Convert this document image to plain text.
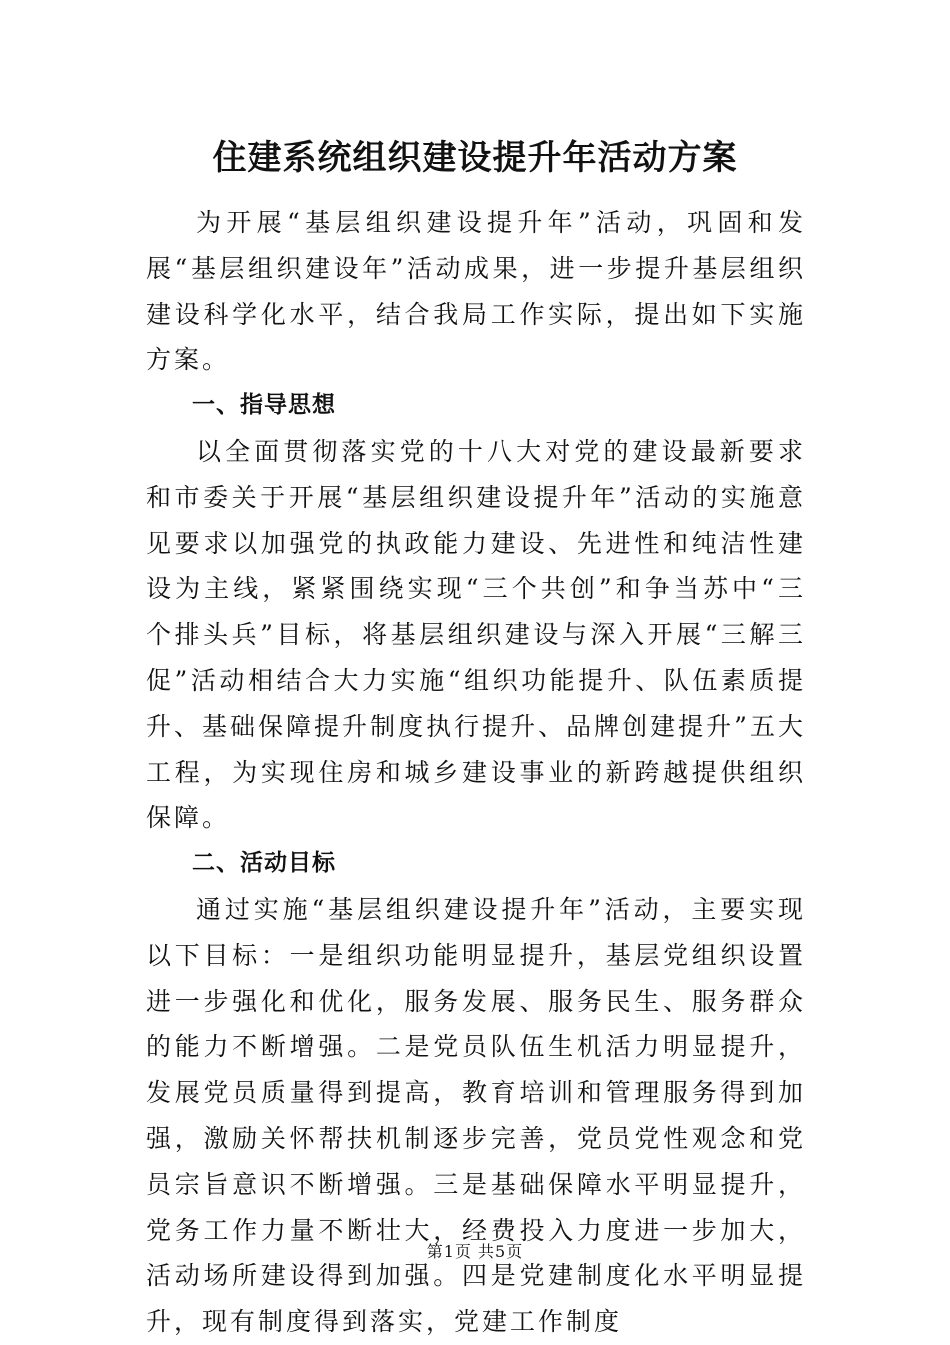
住建系统组织建设提升年活动方案

为开展“基层组织建设提升年”活动，巩固和发展“基层组织建设年”活动成果，进一步提升基层组织建设科学化水平，结合我局工作实际，提出如下实施方案。

一、指导思想

以全面贯彻落实党的十八大对党的建设最新要求和市委关于开展“基层组织建设提升年”活动的实施意见要求以加强党的执政能力建设、先进性和纯洁性建设为主线，紧紧围绕实现“三个共创”和争当苏中“三个排头兵”目标，将基层组织建设与深入开展“三解三促”活动相结合大力实施“组织功能提升、队伍素质提升、基础保障提升制度执行提升、品牌创建提升”五大工程，为实现住房和城乡建设事业的新跨越提供组织保障。

二、活动目标

通过实施“基层组织建设提升年”活动，主要实现以下目标：一是组织功能明显提升，基层党组织设置进一步强化和优化，服务发展、服务民生、服务群众的能力不断增强。二是党员队伍生机活力明显提升，发展党员质量得到提高，教育培训和管理服务得到加强，激励关怀帮扶机制逐步完善，党员党性观念和党员宗旨意识不断增强。三是基础保障水平明显提升，党务工作力量不断壮大，经费投入力度进一步加大，活动场所建设得到加强。四是党建制度化水平明显提升，现有制度得到落实，党建工作制度

第1页 共5页
